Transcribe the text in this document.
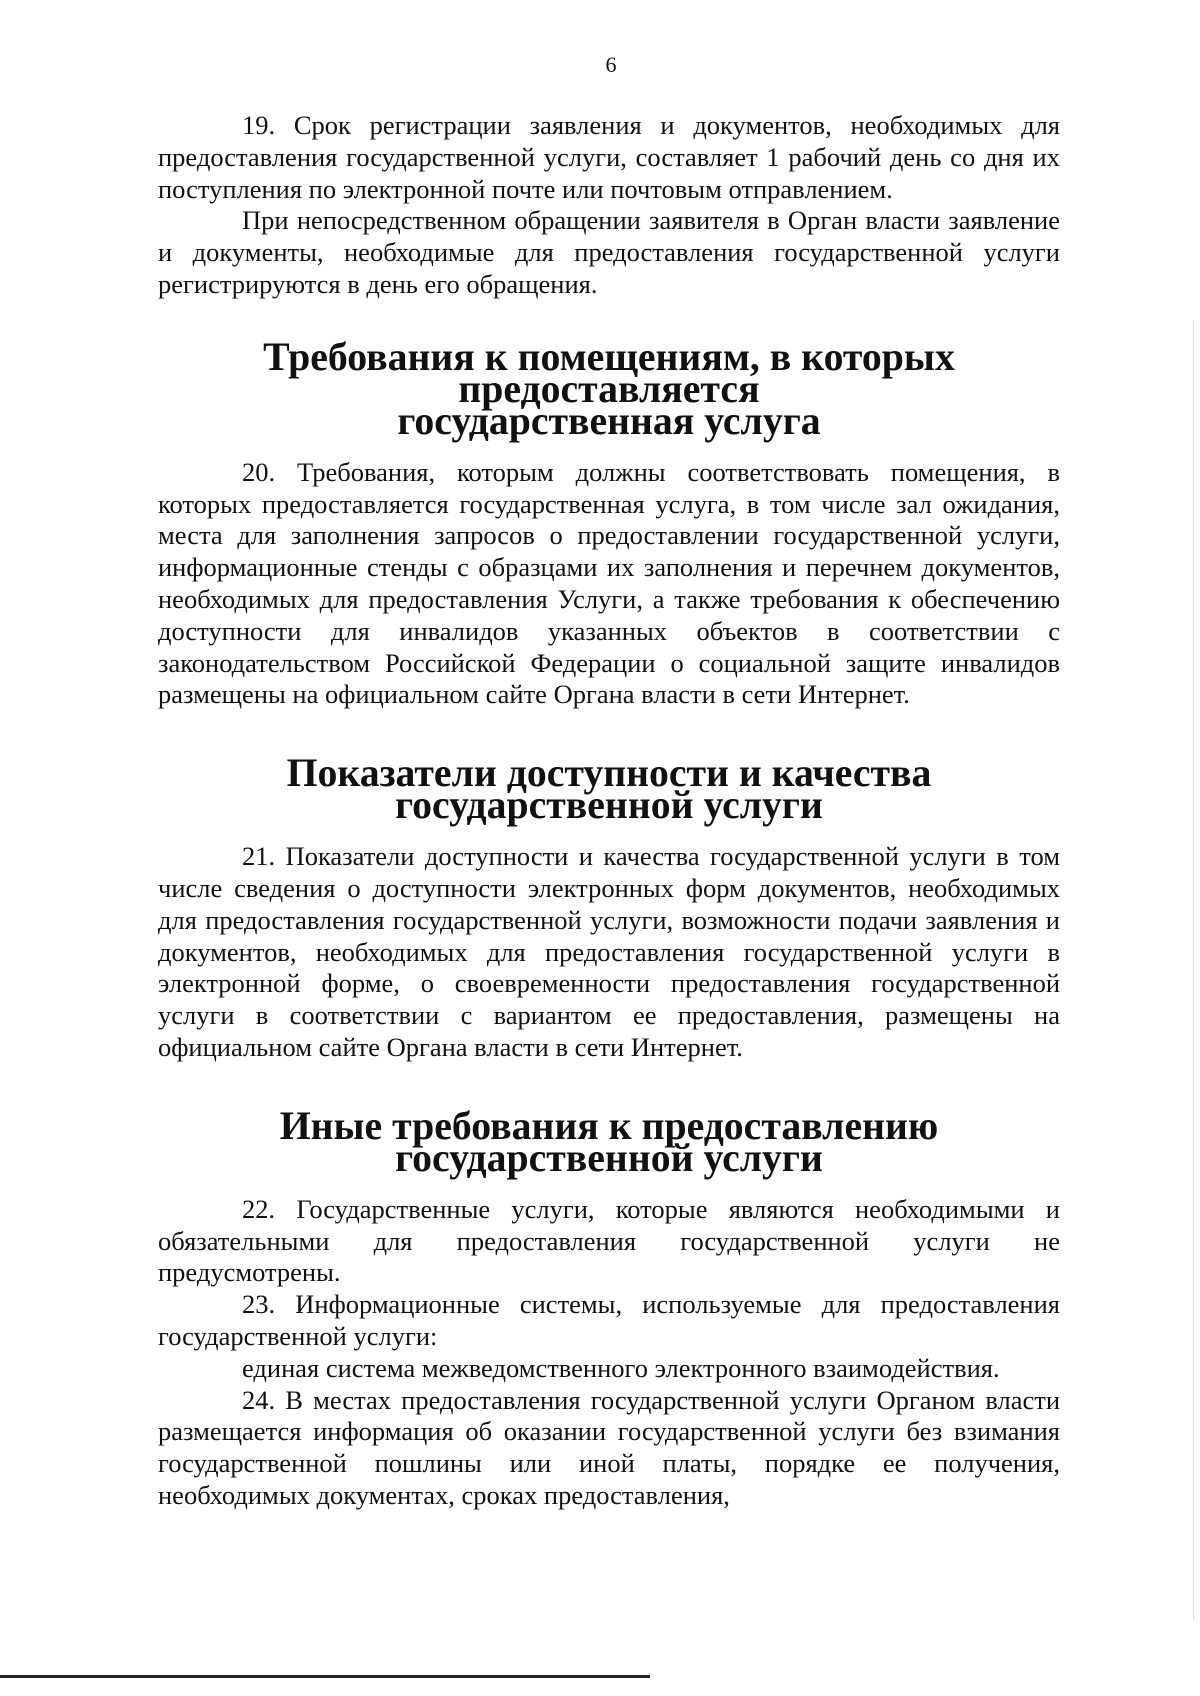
6

19. Срок регистрации заявления и документов, необходимых для предоставления государственной услуги, составляет 1 рабочий день со дня их поступления по электронной почте или почтовым отправлением.

При непосредственном обращении заявителя в Орган власти заявление и документы, необходимые для предоставления государственной услуги регистрируются в день его обращения.

Требования к помещениям, в которых предоставляется
государственная услуга

20. Требования, которым должны соответствовать помещения, в которых предоставляется государственная услуга, в том числе зал ожидания, места для заполнения запросов о предоставлении государственной услуги, информационные стенды с образцами их заполнения и перечнем документов, необходимых для предоставления Услуги, а также требования к обеспечению доступности для инвалидов указанных объектов в соответствии с законодательством Российской Федерации о социальной защите инвалидов размещены на официальном сайте Органа власти в сети Интернет.

Показатели доступности и качества государственной услуги

21. Показатели доступности и качества государственной услуги в том числе сведения о доступности электронных форм документов, необходимых для предоставления государственной услуги, возможности подачи заявления и документов, необходимых для предоставления государственной услуги в электронной форме, о своевременности предоставления государственной услуги в соответствии с вариантом ее предоставления, размещены на официальном сайте Органа власти в сети Интернет.

Иные требования к предоставлению государственной услуги

22. Государственные услуги, которые являются необходимыми и обязательными для предоставления государственной услуги не предусмотрены.

23. Информационные системы, используемые для предоставления государственной услуги:

единая система межведомственного электронного взаимодействия.

24. В местах предоставления государственной услуги Органом власти размещается информация об оказании государственной услуги без взимания государственной пошлины или иной платы, порядке ее получения, необходимых документах, сроках предоставления,
